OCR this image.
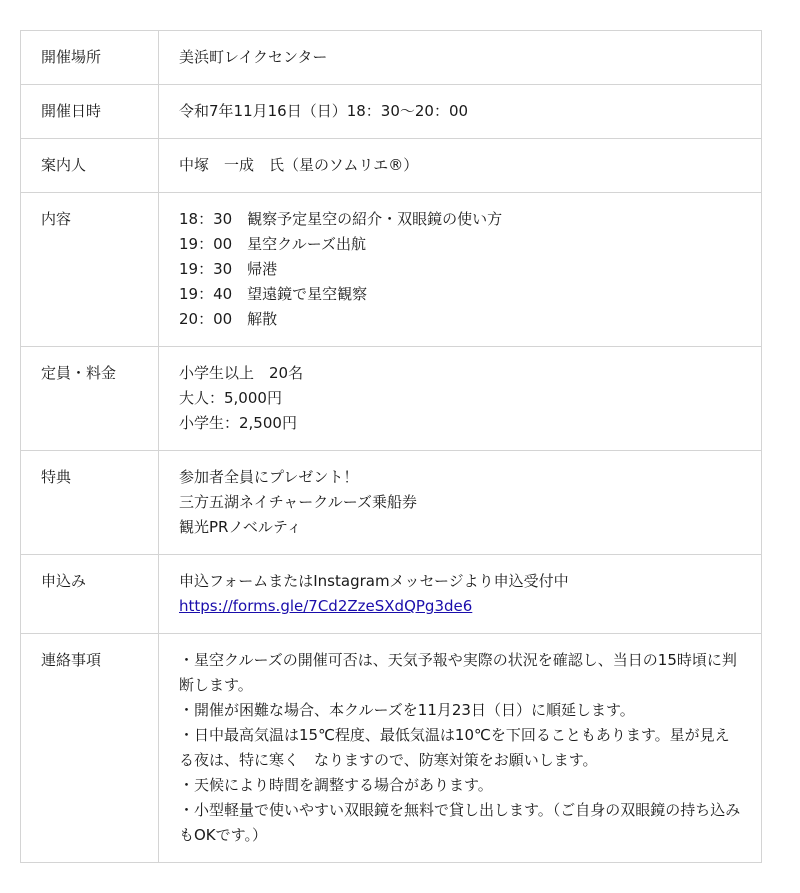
開催場所	美浜町レイクセンター

開催日時	令和7年11月16日（日）18：30～20：00

案内人	中塚　一成　氏（星のソムリエ®）

内容	18：30　観察予定星空の紹介・双眼鏡の使い方
19：00　星空クルーズ出航
19：30　帰港
19：40　望遠鏡で星空観察
20：00　解散

定員・料金	小学生以上　20名
大人：5,000円
小学生：2,500円

特典	参加者全員にプレゼント！
三方五湖ネイチャークルーズ乗船券
観光PRノベルティ

申込み	申込フォームまたはInstagramメッセージより申込受付中
https://forms.gle/7Cd2ZzeSXdQPg3de6

連絡事項	・星空クルーズの開催可否は、天気予報や実際の状況を確認し、当日の15時頃に判断します。
・開催が困難な場合、本クルーズを11月23日（日）に順延します。
・日中最高気温は15℃程度、最低気温は10℃を下回ることもあります。星が見える夜は、特に寒く　なりますので、防寒対策をお願いします。
・天候により時間を調整する場合があります。
・小型軽量で使いやすい双眼鏡を無料で貸し出します。（ご自身の双眼鏡の持ち込みもOKです。）
